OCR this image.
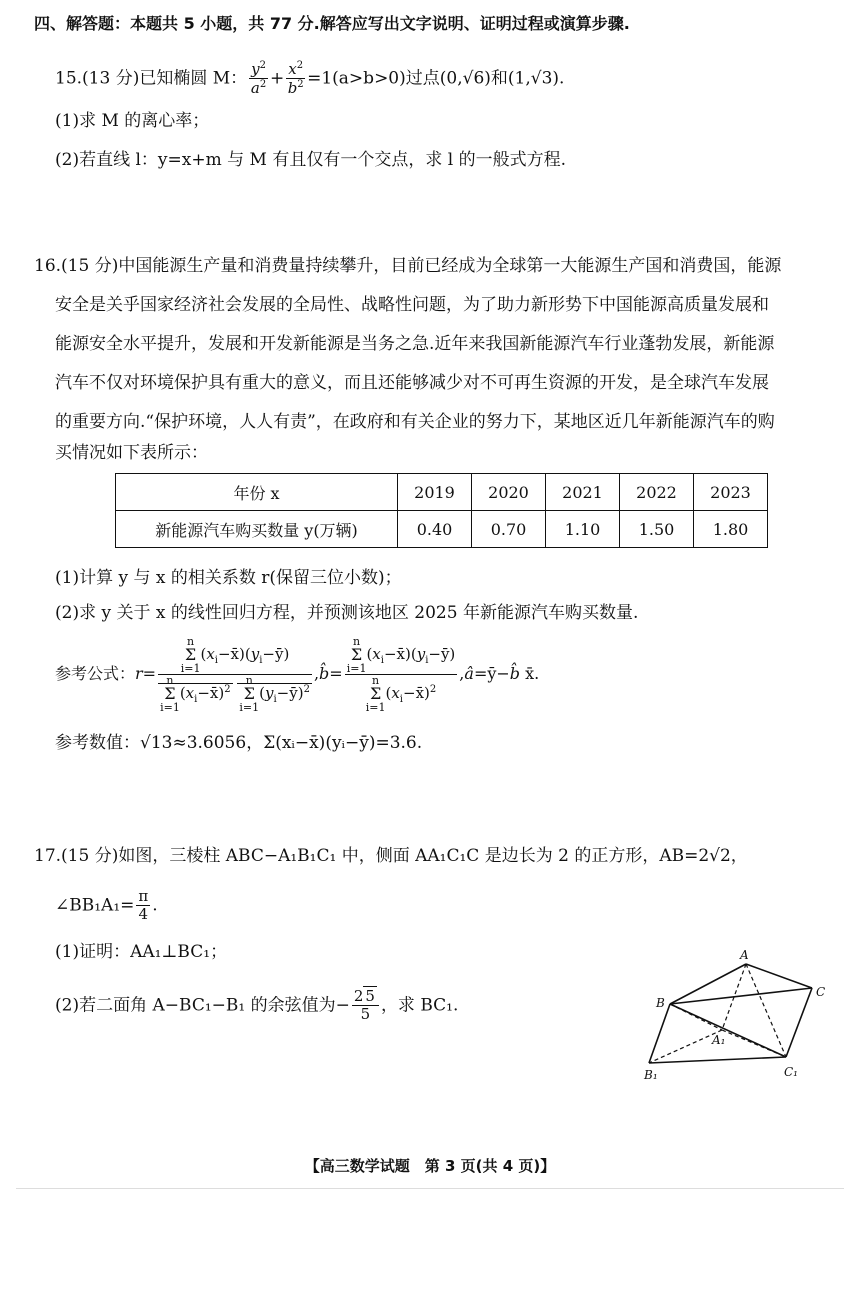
四、解答题：本题共 5 小题，共 77 分.解答应写出文字说明、证明过程或演算步骤.
15.(13 分)已知椭圆 M： $\frac{y^2}{a^2} + \frac{x^2}{b^2} =1(a>b>0)$过点(0,√6)和(1,√3).
(1)求 M 的离心率；
(2)若直线 l：y=x+m 与 M 有且仅有一个交点，求 l 的一般式方程.
16.(15 分)中国能源生产量和消费量持续攀升，目前已经成为全球第一大能源生产国和消费国，能源
安全是关乎国家经济社会发展的全局性、战略性问题，为了助力新形势下中国能源高质量发展和
能源安全水平提升，发展和开发新能源是当务之急.近年来我国新能源汽车行业蓬勃发展，新能源
汽车不仅对环境保护具有重大的意义，而且还能够减少对不可再生资源的开发，是全球汽车发展
的重要方向.“保护环境，人人有责”，在政府和有关企业的努力下，某地区近几年新能源汽车的购
买情况如下表所示：
年份 x	2019	2020	2021	2022	2023
新能源汽车购买数量 y(万辆)	0.40	0.70	1.10	1.50	1.80
(1)计算 y 与 x 的相关系数 r(保留三位小数)；
(2)求 y 关于 x 的线性回归方程，并预测该地区 2025 年新能源汽车购买数量.
参考公式：r= n
Σ
$i=1(x_i-x̄)(y_i-ȳ)$
n
Σ
$i=1(x_i-x̄)^2$ n
Σ
$i=1(y_i-ȳ)^2$ ,b̂= n
Σ
$i=1(x_i-x̄)(y_i-ȳ)$
n
Σ
$i=1(x_i-x̄)^2$ ,â=ȳ−b̂ x̄.
参考数值：√13≈3.6056，Σ(xᵢ−x̄)(yᵢ−ȳ)=3.6.
17.(15 分)如图，三棱柱 ABC−A₁B₁C₁ 中，侧面 AA₁C₁C 是边长为 2 的正方形，AB=2√2，
∠BB₁A₁= $\frac{\pi}{4}$ .
(1)证明：AA₁⊥BC₁；
(2)若二面角 A−BC₁−B₁ 的余弦值为− $\frac{2 5}{5}$ ，求 BC₁.
A
B
C
A₁
B₁	C₁
【高三数学试题　第 3 页(共 4 页)】
